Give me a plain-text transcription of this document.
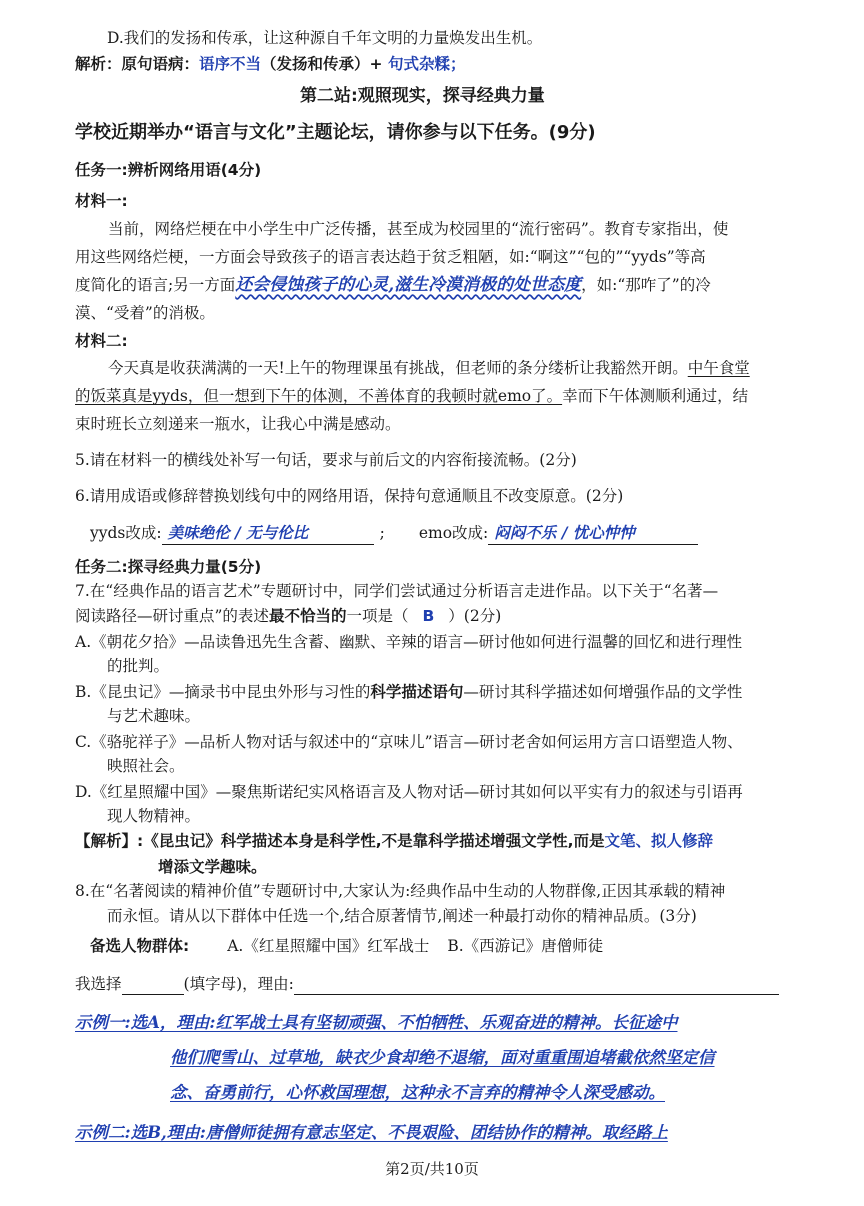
D.我们的发扬和传承，让这种源自千年文明的力量焕发出生机。
解析：原句语病：语序不当（发扬和传承）+ 句式杂糅；
第二站:观照现实，探寻经典力量
学校近期举办“语言与文化”主题论坛，请你参与以下任务。(9分)
任务一:辨析网络用语(4分)
材料一:
当前，网络烂梗在中小学生中广泛传播，甚至成为校园里的“流行密码”。教育专家指出，使
用这些网络烂梗，一方面会导致孩子的语言表达趋于贫乏粗陋，如:“啊这”“包的”“yyds”等高
度简化的语言;另一方面还会侵蚀孩子的心灵,滋生冷漠消极的处世态度，如:“那咋了”的冷
漠、“受着”的消极。
材料二:
今天真是收获满满的一天!上午的物理课虽有挑战，但老师的条分缕析让我豁然开朗。中午食堂
的饭菜真是yyds，但一想到下午的体测，不善体育的我顿时就emo了。幸而下午体测顺利通过，结
束时班长立刻递来一瓶水，让我心中满是感动。
5.请在材料一的横线处补写一句话，要求与前后文的内容衔接流畅。(2分)
6.请用成语或修辞替换划线句中的网络用语，保持句意通顺且不改变原意。(2分)
yyds改成: 美味绝伦 / 无与伦比	; emo改成: 闷闷不乐 / 忧心忡忡
任务二:探寻经典力量(5分)
7.在“经典作品的语言艺术”专题研讨中，同学们尝试通过分析语言走进作品。以下关于“名著—
阅读路径—研讨重点”的表述最不恰当的一项是（ B ）(2分)
A.《朝花夕拾》—品读鲁迅先生含蓄、幽默、辛辣的语言—研讨他如何进行温馨的回忆和进行理性
的批判。
B.《昆虫记》—摘录书中昆虫外形与习性的科学描述语句—研讨其科学描述如何增强作品的文学性
与艺术趣味。
C.《骆驼祥子》—品析人物对话与叙述中的“京味儿”语言—研讨老舍如何运用方言口语塑造人物、
映照社会。
D.《红星照耀中国》—聚焦斯诺纪实风格语言及人物对话—研讨其如何以平实有力的叙述与引语再
现人物精神。
【解析】:《昆虫记》科学描述本身是科学性,不是靠科学描述增强文学性,而是文笔、拟人修辞
增添文学趣味。
8.在“名著阅读的精神价值”专题研讨中,大家认为:经典作品中生动的人物群像,正因其承载的精神
而永恒。请从以下群体中任选一个,结合原著情节,阐述一种最打动你的精神品质。(3分)
备选人物群体: A.《红星照耀中国》红军战士 B.《西游记》唐僧师徒
我选择	(填字母)，理由:
示例一:选A，理由:红军战士具有坚韧顽强、不怕牺牲、乐观奋进的精神。长征途中
他们爬雪山、过草地，缺衣少食却绝不退缩，面对重重围追堵截依然坚定信
念、奋勇前行，心怀救国理想，这种永不言弃的精神令人深受感动。
示例二:选B,理由:唐僧师徒拥有意志坚定、不畏艰险、团结协作的精神。取经路上
第2页/共10页
